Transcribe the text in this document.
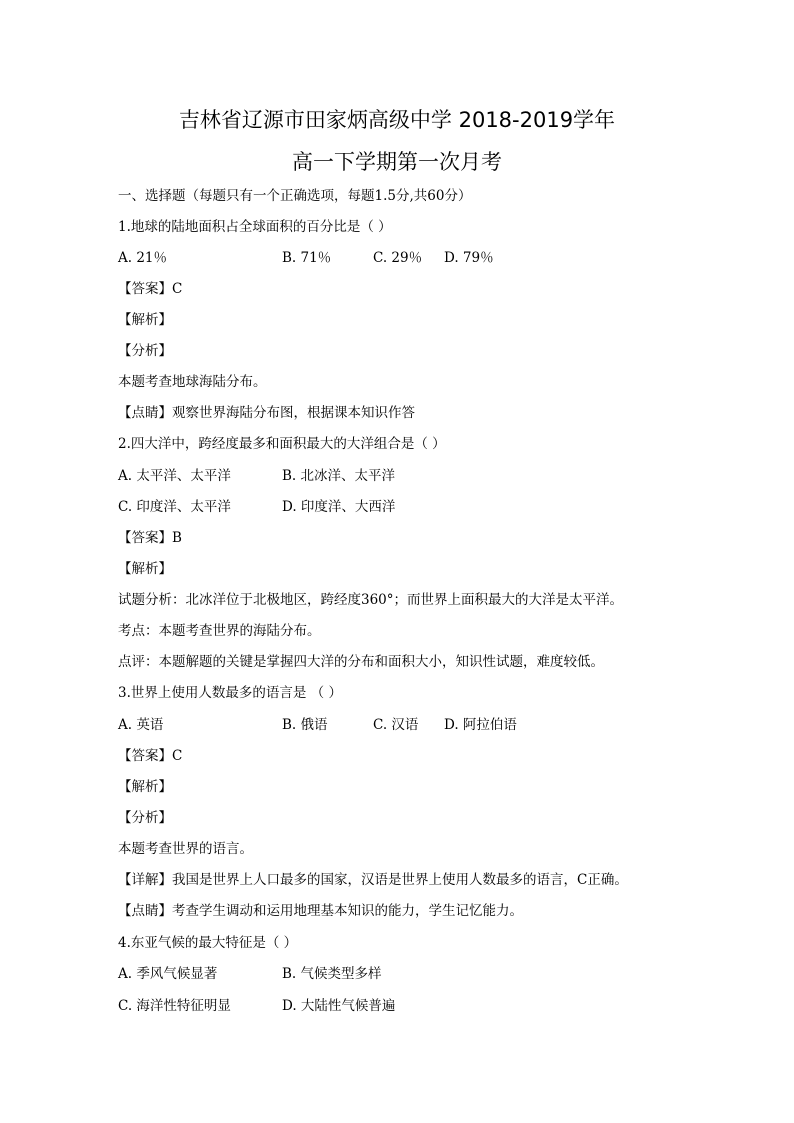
吉林省辽源市田家炳高级中学 2018-2019学年
高一下学期第一次月考
一、选择题（每题只有一个正确选项，每题1.5分,共60分）
1.地球的陆地面积占全球面积的百分比是（ ）
A. 21％	B. 71％	C. 29％ D. 79％
【答案】C
【解析】
【分析】
本题考查地球海陆分布。
【点睛】观察世界海陆分布图，根据课本知识作答
2.四大洋中，跨经度最多和面积最大的大洋组合是（ ）
A. 太平洋、太平洋	B. 北冰洋、太平洋
C. 印度洋、太平洋	D. 印度洋、大西洋
【答案】B
【解析】
试题分析：北冰洋位于北极地区，跨经度360°；而世界上面积最大的大洋是太平洋。
考点：本题考查世界的海陆分布。
点评：本题解题的关键是掌握四大洋的分布和面积大小，知识性试题，难度较低。
3.世界上使用人数最多的语言是 （ ）
A. 英语	B. 俄语	C. 汉语 D. 阿拉伯语
【答案】C
【解析】
【分析】
本题考查世界的语言。
【详解】我国是世界上人口最多的国家，汉语是世界上使用人数最多的语言，C正确。
【点睛】考查学生调动和运用地理基本知识的能力，学生记忆能力。
4.东亚气候的最大特征是（ ）
A. 季风气候显著	B. 气候类型多样
C. 海洋性特征明显	D. 大陆性气候普遍
